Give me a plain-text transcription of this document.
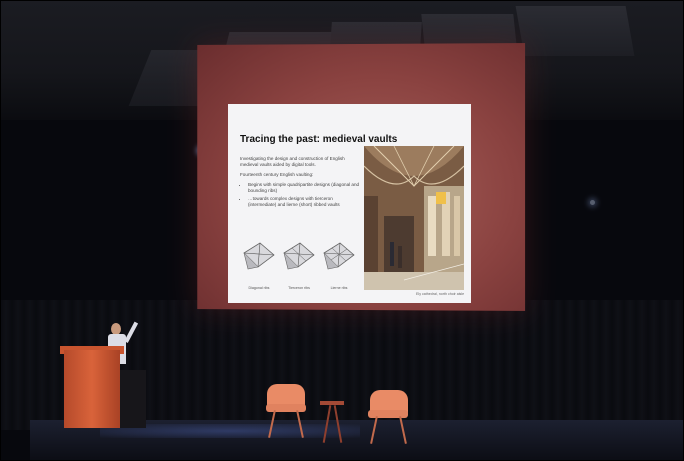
Tracing the past: medieval vaults

Investigating the design and construction of English medieval vaults aided by digital tools.

Fourteenth century English vaulting:

• Begins with simple quadripartite designs (diagonal and bounding ribs)
• …towards complex designs with tierceron (intermediate) and lierne (short) ribbed vaults
Diagonal ribs	Tierceron ribs	Lierne ribs
Ely cathedral, north choir aisle
